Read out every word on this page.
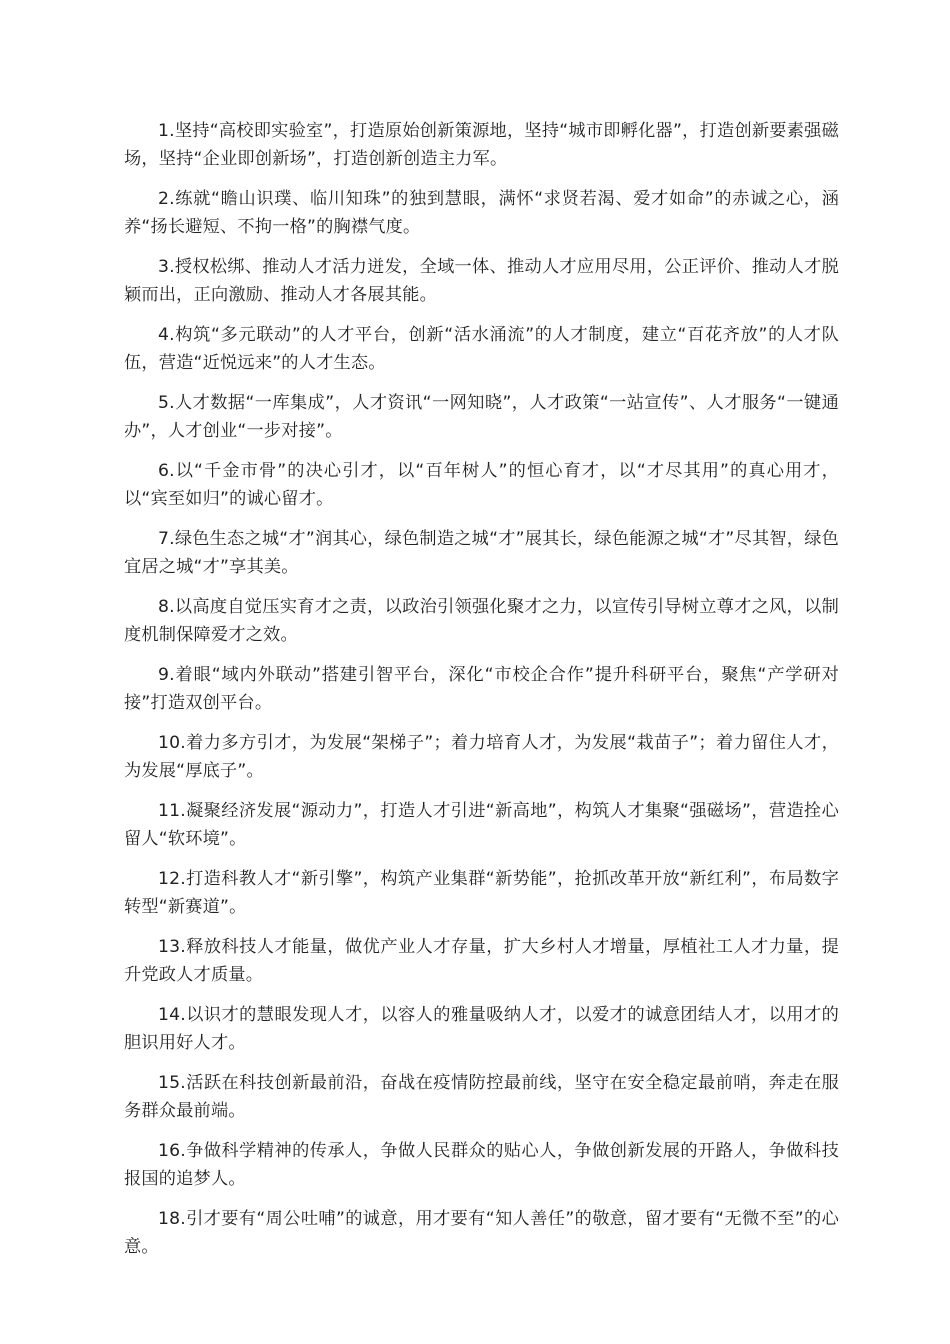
1.坚持“高校即实验室”，打造原始创新策源地，坚持“城市即孵化器”，打造创新要素强磁场，坚持“企业即创新场”，打造创新创造主力军。

2.练就“瞻山识璞、临川知珠”的独到慧眼，满怀“求贤若渴、爱才如命”的赤诚之心，涵养“扬长避短、不拘一格”的胸襟气度。

3.授权松绑、推动人才活力迸发，全域一体、推动人才应用尽用，公正评价、推动人才脱颖而出，正向激励、推动人才各展其能。

4.构筑“多元联动”的人才平台，创新“活水涌流”的人才制度，建立“百花齐放”的人才队伍，营造“近悦远来”的人才生态。

5.人才数据“一库集成”，人才资讯“一网知晓”，人才政策“一站宣传”、人才服务“一键通办”，人才创业“一步对接”。

6.以“千金市骨”的决心引才，以“百年树人”的恒心育才，以“才尽其用”的真心用才，以“宾至如归”的诚心留才。

7.绿色生态之城“才”润其心，绿色制造之城“才”展其长，绿色能源之城“才”尽其智，绿色宜居之城“才”享其美。

8.以高度自觉压实育才之责，以政治引领强化聚才之力，以宣传引导树立尊才之风，以制度机制保障爱才之效。

9.着眼“域内外联动”搭建引智平台，深化“市校企合作”提升科研平台，聚焦“产学研对接”打造双创平台。

10.着力多方引才，为发展“架梯子”；着力培育人才，为发展“栽苗子”；着力留住人才，为发展“厚底子”。

11.凝聚经济发展“源动力”，打造人才引进“新高地”，构筑人才集聚“强磁场”，营造拴心留人“软环境”。

12.打造科教人才“新引擎”，构筑产业集群“新势能”，抢抓改革开放“新红利”，布局数字转型“新赛道”。

13.释放科技人才能量，做优产业人才存量，扩大乡村人才增量，厚植社工人才力量，提升党政人才质量。

14.以识才的慧眼发现人才，以容人的雅量吸纳人才，以爱才的诚意团结人才，以用才的胆识用好人才。

15.活跃在科技创新最前沿，奋战在疫情防控最前线，坚守在安全稳定最前哨，奔走在服务群众最前端。

16.争做科学精神的传承人，争做人民群众的贴心人，争做创新发展的开路人，争做科技报国的追梦人。

18.引才要有“周公吐哺”的诚意，用才要有“知人善任”的敬意，留才要有“无微不至”的心意。
